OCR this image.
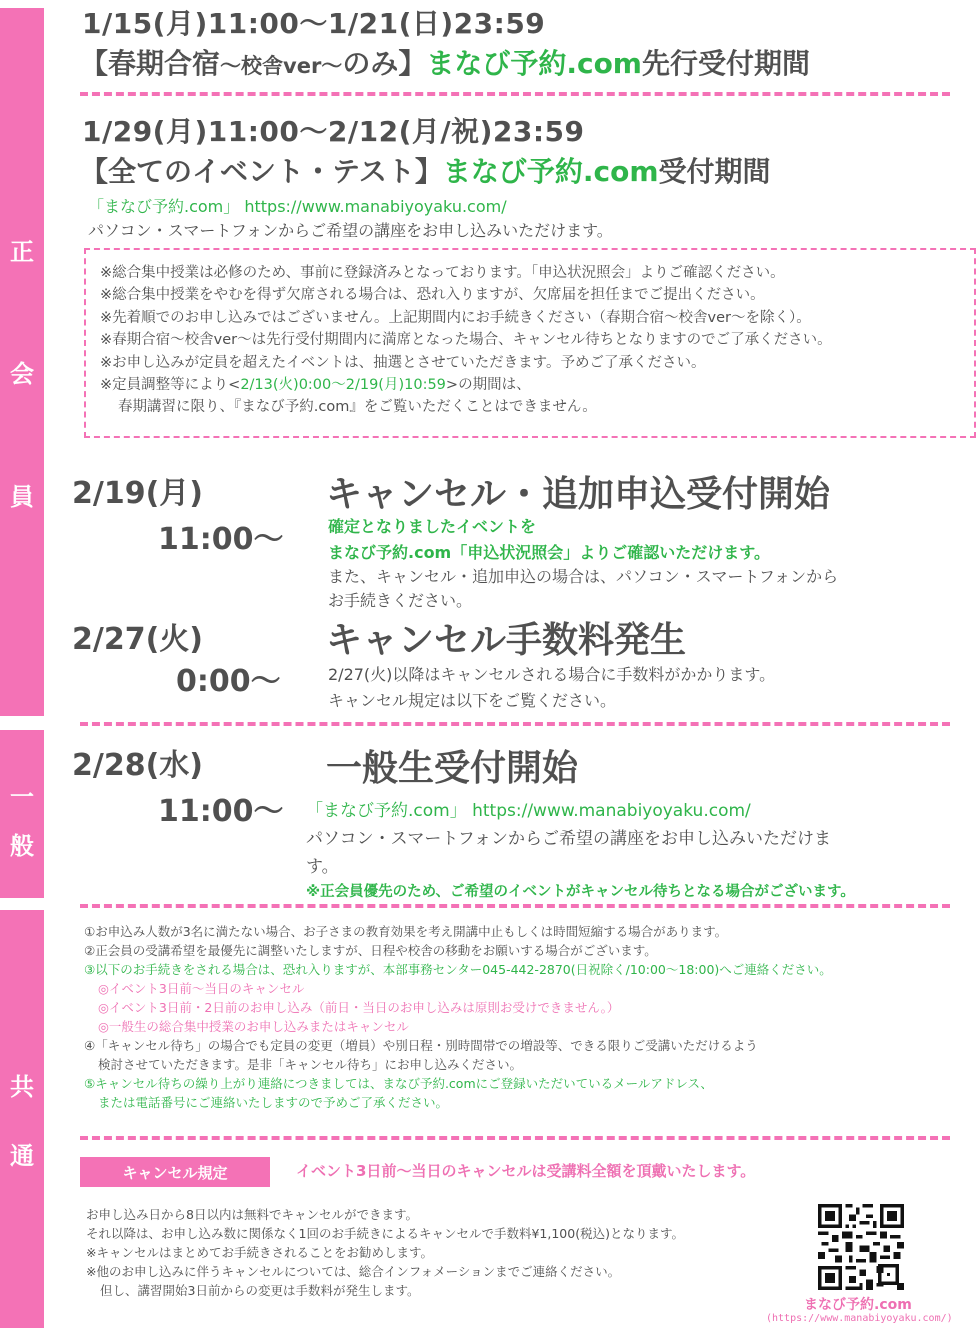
正
会
員
一
般
共
通
1/15(月)11:00〜1/21(日)23:59
【春期合宿〜校舎ver〜のみ】まなび予約.com先行受付期間
1/29(月)11:00〜2/12(月/祝)23:59
【全てのイベント・テスト】まなび予約.com受付期間
「まなび予約.com」 https://www.manabiyoyaku.com/
パソコン・スマートフォンからご希望の講座をお申し込みいただけます。
※総合集中授業は必修のため、事前に登録済みとなっております。「申込状況照会」よりご確認ください。
※総合集中授業をやむを得ず欠席される場合は、恐れ入りますが、欠席届を担任までご提出ください。
※先着順でのお申し込みではございません。上記期間内にお手続きください（春期合宿〜校舎ver〜を除く）。
※春期合宿〜校舎ver〜は先行受付期間内に満席となった場合、キャンセル待ちとなりますのでご了承ください。
※お申し込みが定員を超えたイベントは、抽選とさせていただきます。予めご了承ください。
※定員調整等により<2/13(火)0:00〜2/19(月)10:59>の期間は、
春期講習に限り、『まなび予約.com』をご覧いただくことはできません。
2/19(月)
11:00〜
キャンセル・追加申込受付開始
確定となりましたイベントを
まなび予約.com「申込状況照会」よりご確認いただけます。
また、キャンセル・追加申込の場合は、パソコン・スマートフォンから
お手続きください。
2/27(火)
0:00〜
キャンセル手数料発生
2/27(火)以降はキャンセルされる場合に手数料がかかります。
キャンセル規定は以下をご覧ください。
2/28(水)
11:00〜
一般生受付開始
「まなび予約.com」 https://www.manabiyoyaku.com/
パソコン・スマートフォンからご希望の講座をお申し込みいただけま
す。
※正会員優先のため、ご希望のイベントがキャンセル待ちとなる場合がございます。
①お申込み人数が3名に満たない場合、お子さまの教育効果を考え開講中止もしくは時間短縮する場合があります。
②正会員の受講希望を最優先に調整いたしますが、日程や校舎の移動をお願いする場合がございます。
③以下のお手続きをされる場合は、恐れ入りますが、本部事務センター045-442-2870(日祝除く/10:00〜18:00)へご連絡ください。
◎イベント3日前〜当日のキャンセル
◎イベント3日前・2日前のお申し込み（前日・当日のお申し込みは原則お受けできません。）
◎一般生の総合集中授業のお申し込みまたはキャンセル
④「キャンセル待ち」の場合でも定員の変更（増員）や別日程・別時間帯での増設等、できる限りご受講いただけるよう
検討させていただきます。是非「キャンセル待ち」にお申し込みください。
⑤キャンセル待ちの繰り上がり連絡につきましては、まなび予約.comにご登録いただいているメールアドレス、
または電話番号にご連絡いたしますので予めご了承ください。
キャンセル規定	イベント3日前〜当日のキャンセルは受講料全額を頂戴いたします。
お申し込み日から8日以内は無料でキャンセルができます。
それ以降は、お申し込み数に関係なく1回のお手続きによるキャンセルで手数料¥1,100(税込)となります。
※キャンセルはまとめてお手続きされることをお勧めします。
※他のお申し込みに伴うキャンセルについては、総合インフォメーションまでご連絡ください。
但し、講習開始3日前からの変更は手数料が発生します。
まなび予約.com
(https://www.manabiyoyaku.com/)
